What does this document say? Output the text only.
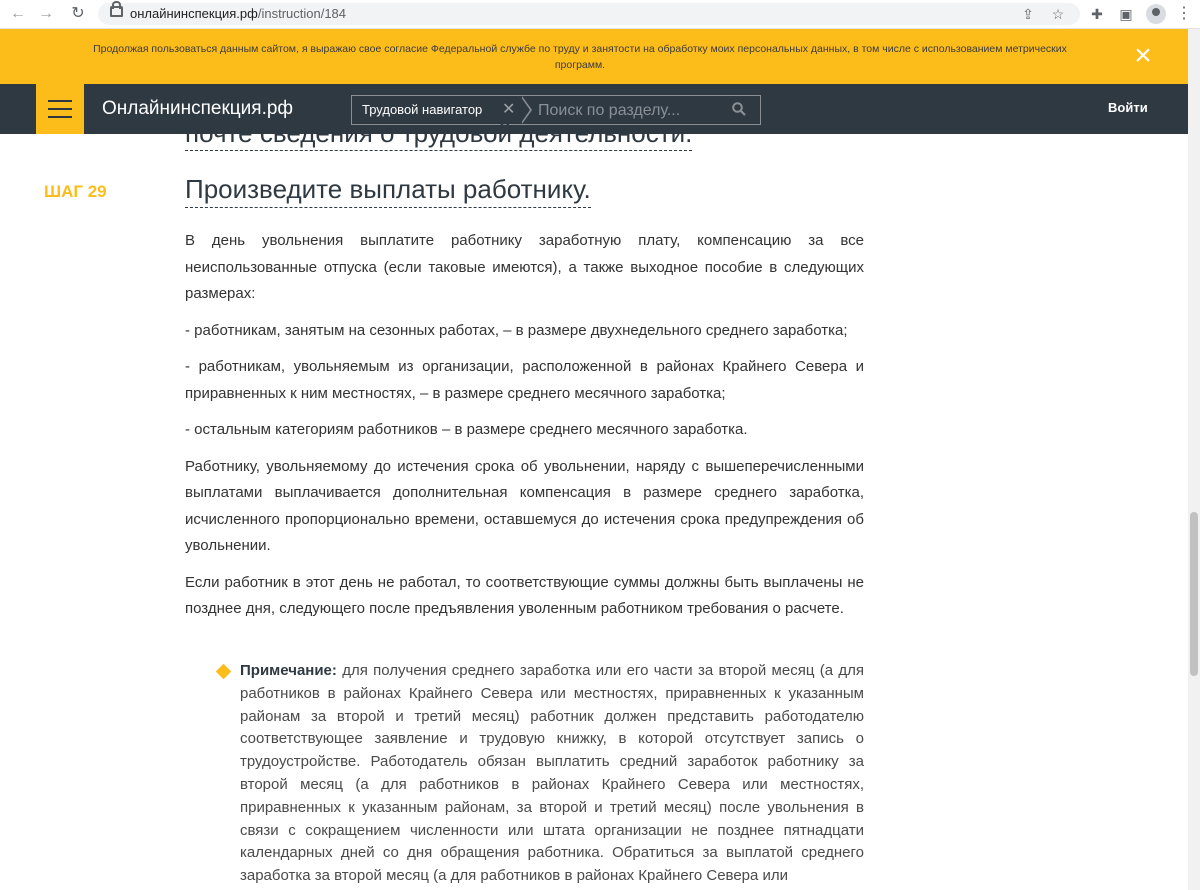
← → ↻	онлайнинспекция.рф/instruction/184	⇪ ☆ ✚ ▣	⋮
Продолжая пользоваться данным сайтом, я выражаю свое согласие Федеральной службе по труду и занятости на обработку моих персональных данных, в том числе с использованием метрических программ.	×
Онлайнинспекция.рф	Трудовой навигатор	✕
Поиск по разделу...	Войти
почте сведения о трудовой деятельности.
ШАГ 29	Произведите выплаты работнику.

В день увольнения выплатите работнику заработную плату, компенсацию за все неиспользованные отпуска (если таковые имеются), а также выходное пособие в следующих размерах:

- работникам, занятым на сезонных работах, – в размере двухнедельного среднего заработка;

- работникам, увольняемым из организации, расположенной в районах Крайнего Севера и приравненных к ним местностях, – в размере среднего месячного заработка;

- остальным категориям работников – в размере среднего месячного заработка.

Работнику, увольняемому до истечения срока об увольнении, наряду с вышеперечисленными выплатами выплачивается дополнительная компенсация в размере среднего заработка, исчисленного пропорционально времени, оставшемуся до истечения срока предупреждения об увольнении.

Если работник в этот день не работал, то соответствующие суммы должны быть выплачены не позднее дня, следующего после предъявления уволенным работником требования о расчете.

Примечание: для получения среднего заработка или его части за второй месяц (а для работников в районах Крайнего Севера или местностях, приравненных к указанным районам за второй и третий месяц) работник должен представить работодателю соответствующее заявление и трудовую книжку, в которой отсутствует запись о трудоустройстве. Работодатель обязан выплатить средний заработок работнику за второй месяц (а для работников в районах Крайнего Севера или местностях, приравненных к указанным районам, за второй и третий месяц) после увольнения в связи с сокращением численности или штата организации не позднее пятнадцати календарных дней со дня обращения работника. Обратиться за выплатой среднего заработка за второй месяц (а для работников в районах Крайнего Севера или
